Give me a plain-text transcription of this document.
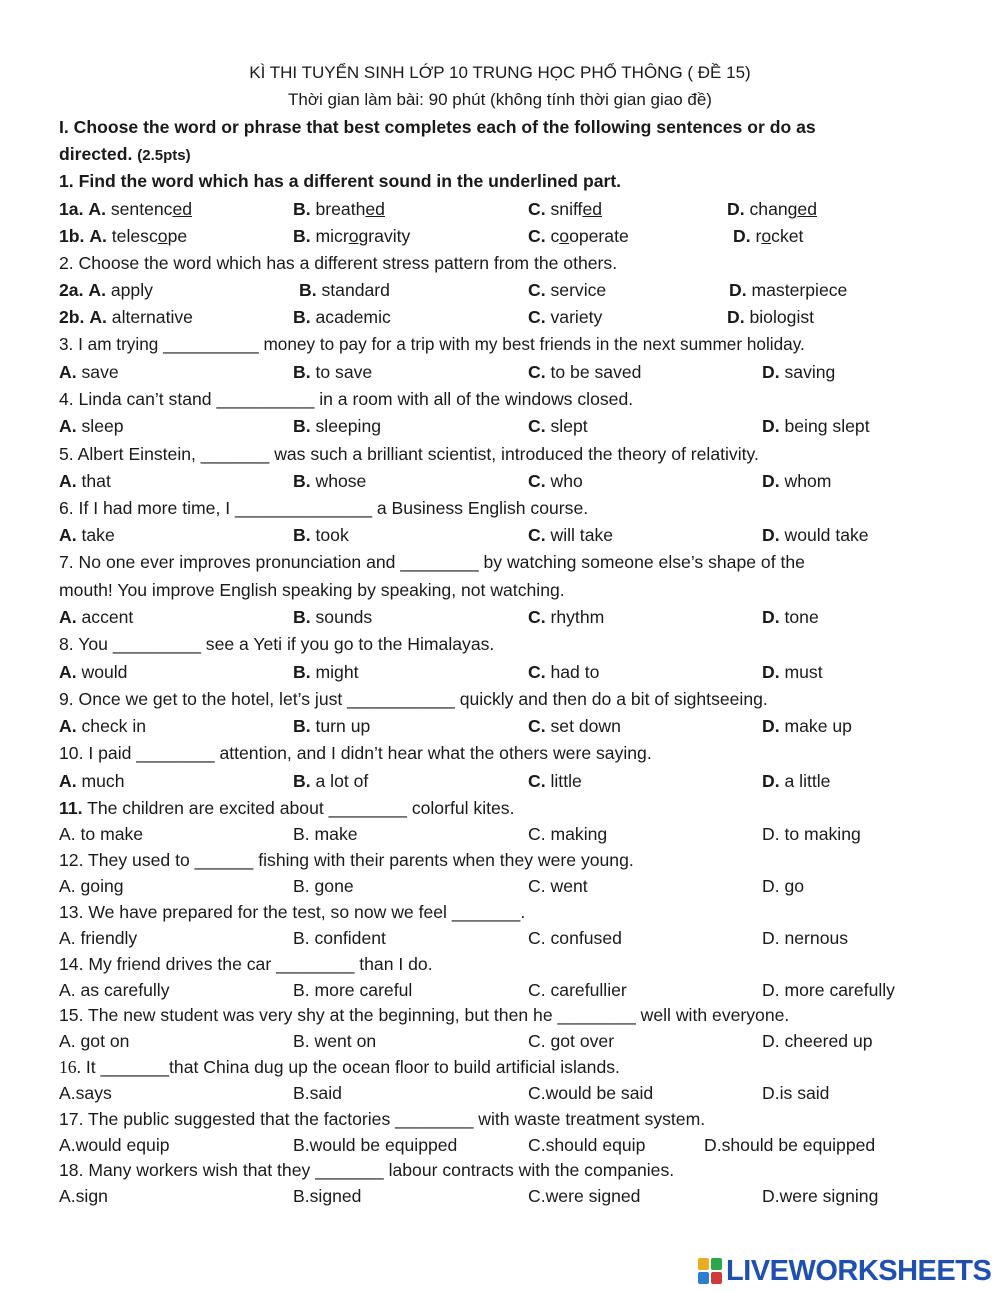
KÌ THI TUYỂN SINH LỚP 10 TRUNG HỌC PHỔ THÔNG ( ĐỀ 15)
Thời gian làm bài: 90 phút (không tính thời gian giao đề)
I. Choose the word or phrase that best completes each of the following sentences or do as
directed. (2.5pts)
1. Find the word which has a different sound in the underlined part.
1a. A. sentenced	B. breathed	C. sniffed	D. changed
1b. A. telescope	B. microgravity	C. cooperate	D. rocket
2. Choose the word which has a different stress pattern from the others.
2a. A. apply	B. standard	C. service	D. masterpiece
2b. A. alternative	B. academic	C. variety	D. biologist
3. I am trying __________ money to pay for a trip with my best friends in the next summer holiday.
A. save	B. to save	C. to be saved	D. saving
4. Linda can’t stand __________ in a room with all of the windows closed.
A. sleep	B. sleeping	C. slept	D. being slept
5. Albert Einstein, _______ was such a brilliant scientist, introduced the theory of relativity.
A. that	B. whose	C. who	D. whom
6. If I had more time, I ______________ a Business English course.
A. take	B. took	C. will take	D. would take
7. No one ever improves pronunciation and ________ by watching someone else’s shape of the
mouth! You improve English speaking by speaking, not watching.
A. accent	B. sounds	C. rhythm	D. tone
8. You _________ see a Yeti if you go to the Himalayas.
A. would	B. might	C. had to	D. must
9. Once we get to the hotel, let’s just ___________ quickly and then do a bit of sightseeing.
A. check in	B. turn up	C. set down	D. make up
10. I paid ________ attention, and I didn’t hear what the others were saying.
A. much	B. a lot of	C. little	D. a little
11. The children are excited about ________ colorful kites.
A. to make	B. make	C. making	D. to making
12. They used to ______ fishing with their parents when they were young.
A. going	B. gone	C. went	D. go
13. We have prepared for the test, so now we feel _______.
A. friendly	B. confident	C. confused	D. nernous
14. My friend drives the car ________ than I do.
A. as carefully	B. more careful	C. carefullier	D. more carefully
15. The new student was very shy at the beginning, but then he ________ well with everyone.
A. got on	B. went on	C. got over	D. cheered up
16. It _______that China dug up the ocean floor to build artificial islands.
A.says	B.said	C.would be said	D.is said
17. The public suggested that the factories ________ with waste treatment system.
A.would equip	B.would be equipped	C.should equip	D.should be equipped
18. Many workers wish that they _______ labour contracts with the companies.
A.sign	B.signed	C.were signed	D.were signing
LIVEWORKSHEETS
